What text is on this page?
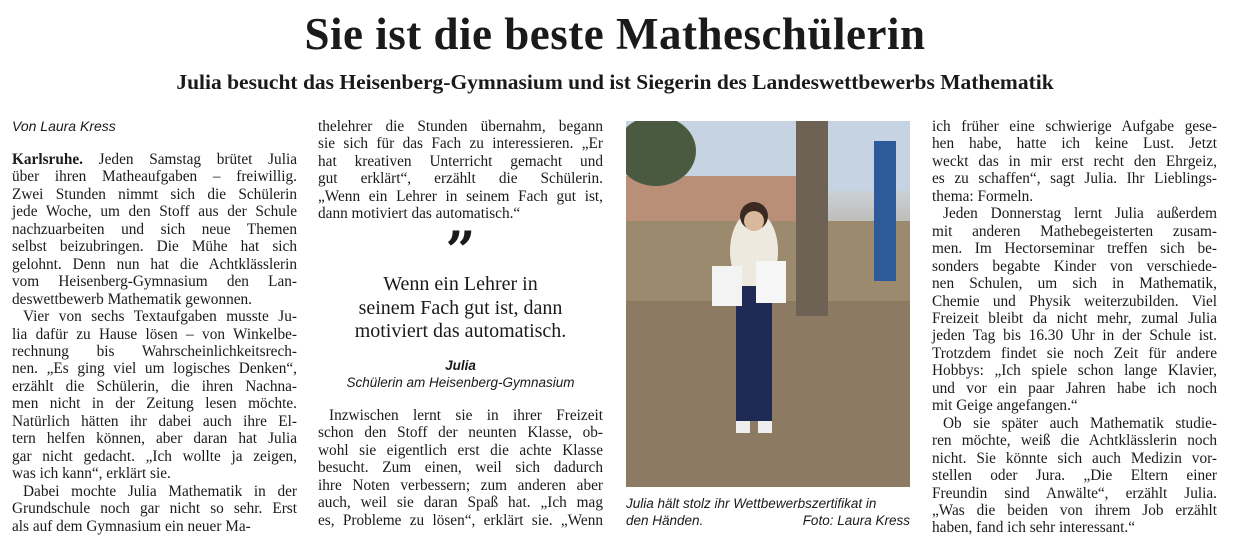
Sie ist die beste Matheschülerin
Julia besucht das Heisenberg-Gymnasium und ist Siegerin des Landeswettbewerbs Mathematik
Von Laura Kress
Karlsruhe. Jeden Samstag brütet Julia
über ihren Matheaufgaben – freiwillig.
Zwei Stunden nimmt sich die Schülerin
jede Woche, um den Stoff aus der Schule
nachzuarbeiten und sich neue Themen
selbst beizubringen. Die Mühe hat sich
gelohnt. Denn nun hat die Achtklässlerin
vom Heisenberg-Gymnasium den Lan-
deswettbewerb Mathematik gewonnen.
Vier von sechs Textaufgaben musste Ju-
lia dafür zu Hause lösen – von Winkelbe-
rechnung bis Wahrscheinlichkeitsrech-
nen. „Es ging viel um logisches Denken“,
erzählt die Schülerin, die ihren Nachna-
men nicht in der Zeitung lesen möchte.
Natürlich hätten ihr dabei auch ihre El-
tern helfen können, aber daran hat Julia
gar nicht gedacht. „Ich wollte ja zeigen,
was ich kann“, erklärt sie.
Dabei mochte Julia Mathematik in der
Grundschule noch gar nicht so sehr. Erst
als auf dem Gymnasium ein neuer Ma-
thelehrer die Stunden übernahm, begann
sie sich für das Fach zu interessieren. „Er
hat kreativen Unterricht gemacht und
gut erklärt“, erzählt die Schülerin.
„Wenn ein Lehrer in seinem Fach gut ist,
dann motiviert das automatisch.“
”
Wenn ein Lehrer in
seinem Fach gut ist, dann
motiviert das automatisch.
Julia
Schülerin am Heisenberg-Gymnasium
Inzwischen lernt sie in ihrer Freizeit
schon den Stoff der neunten Klasse, ob-
wohl sie eigentlich erst die achte Klasse
besucht. Zum einen, weil sich dadurch
ihre Noten verbessern; zum anderen aber
auch, weil sie daran Spaß hat. „Ich mag
es, Probleme zu lösen“, erklärt sie. „Wenn
Julia hält stolz ihr Wettbewerbszertifikat in
den Händen.	Foto: Laura Kress
ich früher eine schwierige Aufgabe gese-
hen habe, hatte ich keine Lust. Jetzt
weckt das in mir erst recht den Ehrgeiz,
es zu schaffen“, sagt Julia. Ihr Lieblings-
thema: Formeln.
Jeden Donnerstag lernt Julia außerdem
mit anderen Mathebegeisterten zusam-
men. Im Hectorseminar treffen sich be-
sonders begabte Kinder von verschiede-
nen Schulen, um sich in Mathematik,
Chemie und Physik weiterzubilden. Viel
Freizeit bleibt da nicht mehr, zumal Julia
jeden Tag bis 16.30 Uhr in der Schule ist.
Trotzdem findet sie noch Zeit für andere
Hobbys: „Ich spiele schon lange Klavier,
und vor ein paar Jahren habe ich noch
mit Geige angefangen.“
Ob sie später auch Mathematik studie-
ren möchte, weiß die Achtklässlerin noch
nicht. Sie könnte sich auch Medizin vor-
stellen oder Jura. „Die Eltern einer
Freundin sind Anwälte“, erzählt Julia.
„Was die beiden von ihrem Job erzählt
haben, fand ich sehr interessant.“
